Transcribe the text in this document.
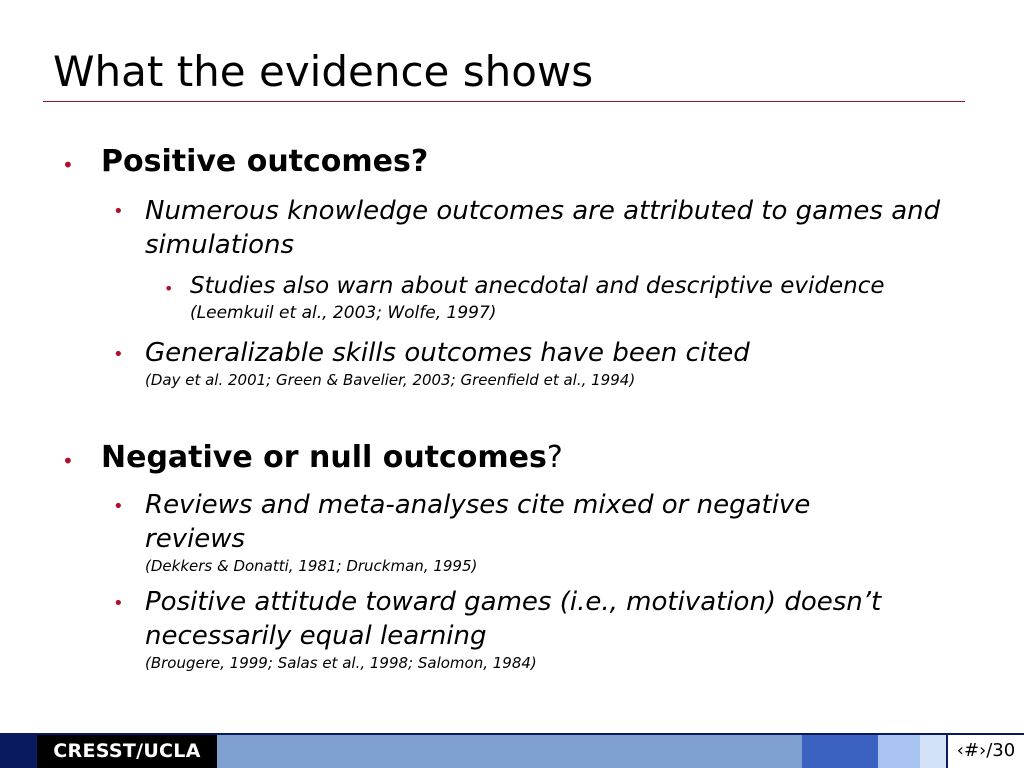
What the evidence shows
• Positive outcomes?
• Numerous knowledge outcomes are attributed to games and simulations
• Studies also warn about anecdotal and descriptive evidence
(Leemkuil et al., 2003; Wolfe, 1997)
• Generalizable skills outcomes have been cited
(Day et al. 2001; Green & Bavelier, 2003; Greenfield et al., 1994)
• Negative or null outcomes?
• Reviews and meta-analyses cite mixed or negative reviews
(Dekkers & Donatti, 1981; Druckman, 1995)
• Positive attitude toward games (i.e., motivation) doesn’t necessarily equal learning
(Brougere, 1999; Salas et al., 1998; Salomon, 1984)
CRESST/UCLA	‹#›/30
